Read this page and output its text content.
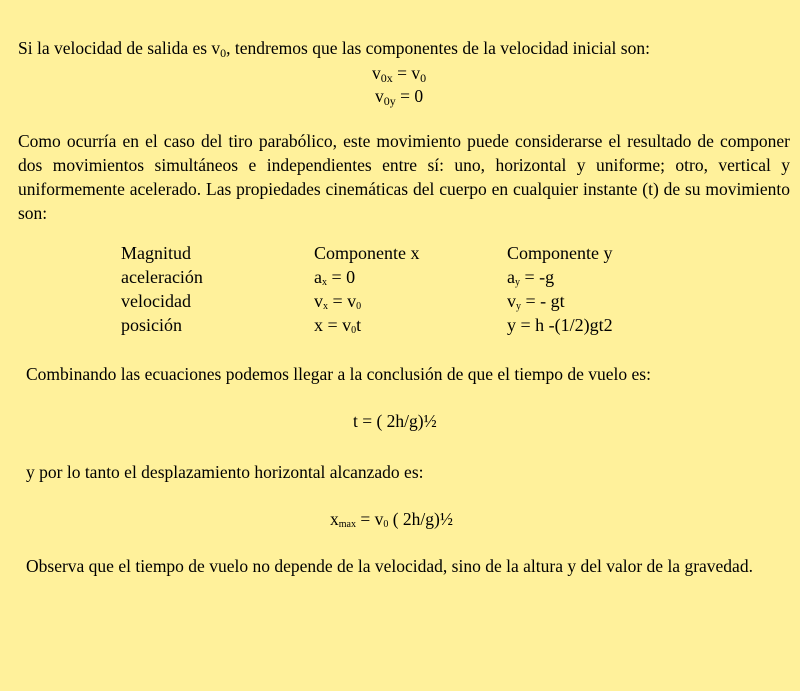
Si la velocidad de salida es $v_0$, tendremos que las componentes de la velocidad inicial son:

$v_{0x} = v_0$
$v_{0y} = 0$

Como ocurría en el caso del tiro parabólico, este movimiento puede considerarse el resultado de componer dos movimientos simultáneos e independientes entre sí: uno, horizontal y uniforme; otro, vertical y uniformemente acelerado. Las propiedades cinemáticas del cuerpo en cualquier instante (t) de su movimiento son:

Magnitud	Componente x	Componente y
aceleración	ax = 0	ay = -g
velocidad	vx = v0	vy = - gt
posición	x = v0t	y = h -(1/2)gt2

Combinando las ecuaciones podemos llegar a la conclusión de que el tiempo de vuelo es:

t = ( 2h/g)½

y por lo tanto el desplazamiento horizontal alcanzado es:

xmax = v0 ( 2h/g)½

Observa que el tiempo de vuelo no depende de la velocidad, sino de la altura y del valor de la gravedad.
